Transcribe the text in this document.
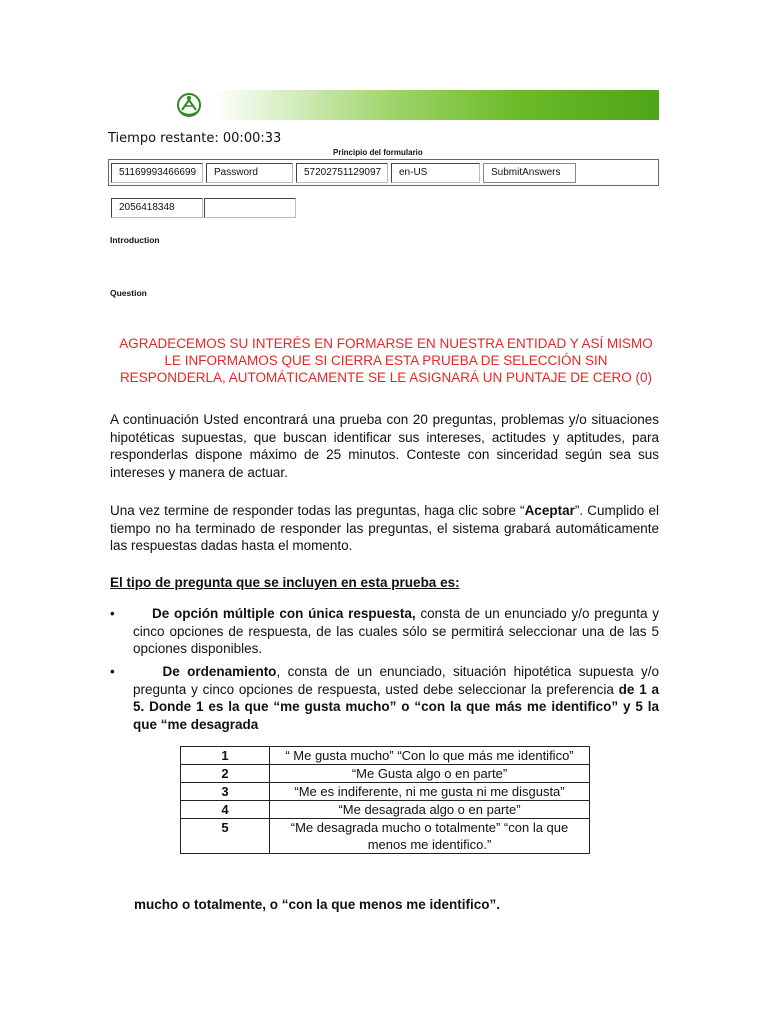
Tiempo restante: 00:00:33
Principio del formulario
51169993466699	Password	57202751129097	en-US	SubmitAnswers
2056418348
Introduction
Question
AGRADECEMOS SU INTERÉS EN FORMARSE EN NUESTRA ENTIDAD Y ASÍ MISMO LE INFORMAMOS QUE SI CIERRA ESTA PRUEBA DE SELECCIÓN SIN RESPONDERLA, AUTOMÁTICAMENTE SE LE ASIGNARÁ UN PUNTAJE DE CERO (0)
A continuación Usted encontrará una prueba con 20 preguntas, problemas y/o situaciones hipotéticas supuestas, que buscan identificar sus intereses, actitudes y aptitudes, para responderlas dispone máximo de 25 minutos. Conteste con sinceridad según sea sus intereses y manera de actuar.
Una vez termine de responder todas las preguntas, haga clic sobre “Aceptar”. Cumplido el tiempo no ha terminado de responder las preguntas, el sistema grabará automáticamente las respuestas dadas hasta el momento.
El tipo de pregunta que se incluyen en esta prueba es:
•	De opción múltiple con única respuesta, consta de un enunciado y/o pregunta y cinco opciones de respuesta, de las cuales sólo se permitirá seleccionar una de las 5 opciones disponibles.
•	De ordenamiento, consta de un enunciado, situación hipotética supuesta y/o pregunta y cinco opciones de respuesta, usted debe seleccionar la preferencia de 1 a 5. Donde 1 es la que “me gusta mucho” o “con la que más me identifico” y 5 la que “me desagrada
1	“ Me gusta mucho” “Con lo que más me identifico”
2	“Me Gusta algo o en parte”
3	“Me es indiferente, ni me gusta ni me disgusta”
4	“Me desagrada algo o en parte”
5	“Me desagrada mucho o totalmente” “con la que menos me identifico.”
mucho o totalmente, o “con la que menos me identifico”.
